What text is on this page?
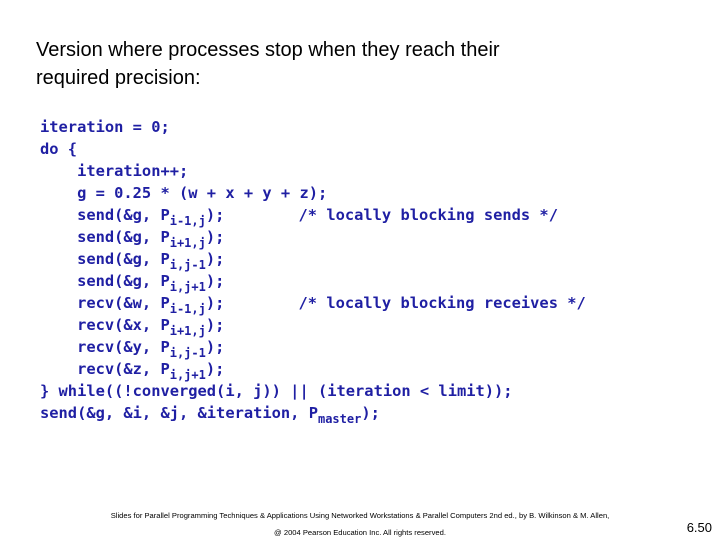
Version where processes stop when they reach their
required precision:
iteration = 0;
do {
iteration++;
g = 0.25 * (w + x + y + z);
send(&g, $P_{i-1,j}$);        /* locally blocking sends */
send(&g, $P_{i+1,j}$);
send(&g, $P_{i,j-1}$);
send(&g, $P_{i,j+1}$);
recv(&w, $P_{i-1,j}$);        /* locally blocking receives */
recv(&x, $P_{i+1,j}$);
recv(&y, $P_{i,j-1}$);
recv(&z, $P_{i,j+1}$);
} while((!converged(i, j)) || (iteration < limit));
send(&g, &i, &j, &iteration, $P_{master}$);
Slides for Parallel Programming Techniques & Applications Using Networked Workstations & Parallel Computers 2nd ed., by B. Wilkinson & M. Allen,
@ 2004 Pearson Education Inc. All rights reserved.	6.50
